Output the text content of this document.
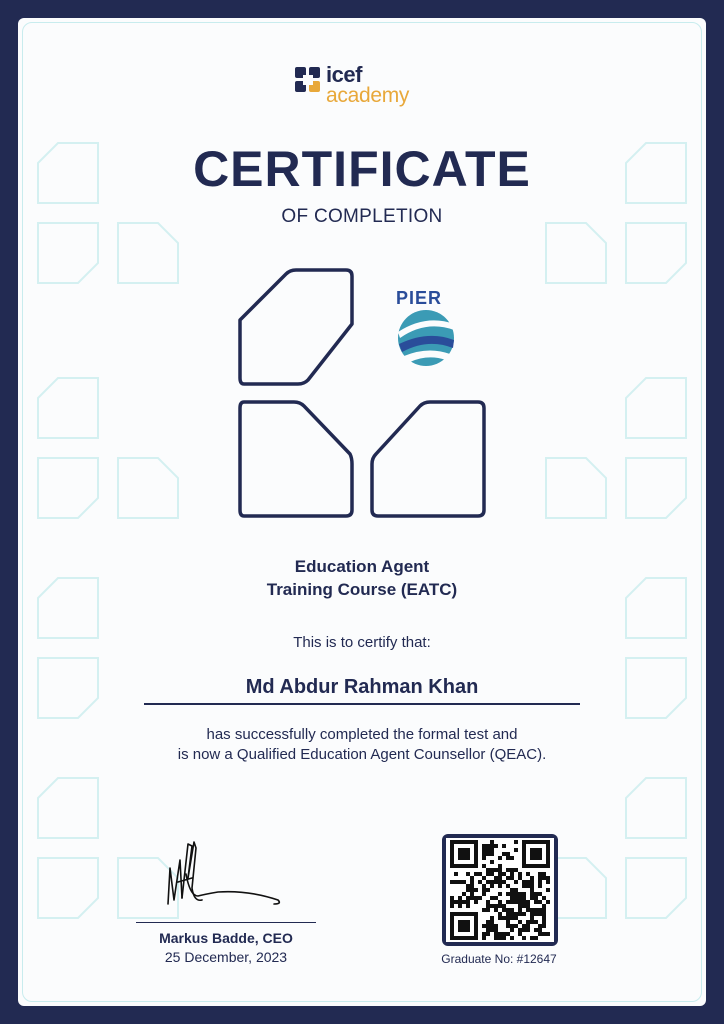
icef
academy
CERTIFICATE
OF COMPLETION
PIER
Education Agent
Training Course (EATC)
This is to certify that:
Md Abdur Rahman Khan
has successfully completed the formal test and
is now a Qualified Education Agent Counsellor (QEAC).
Markus Badde, CEO
25 December, 2023	Graduate No: #12647
